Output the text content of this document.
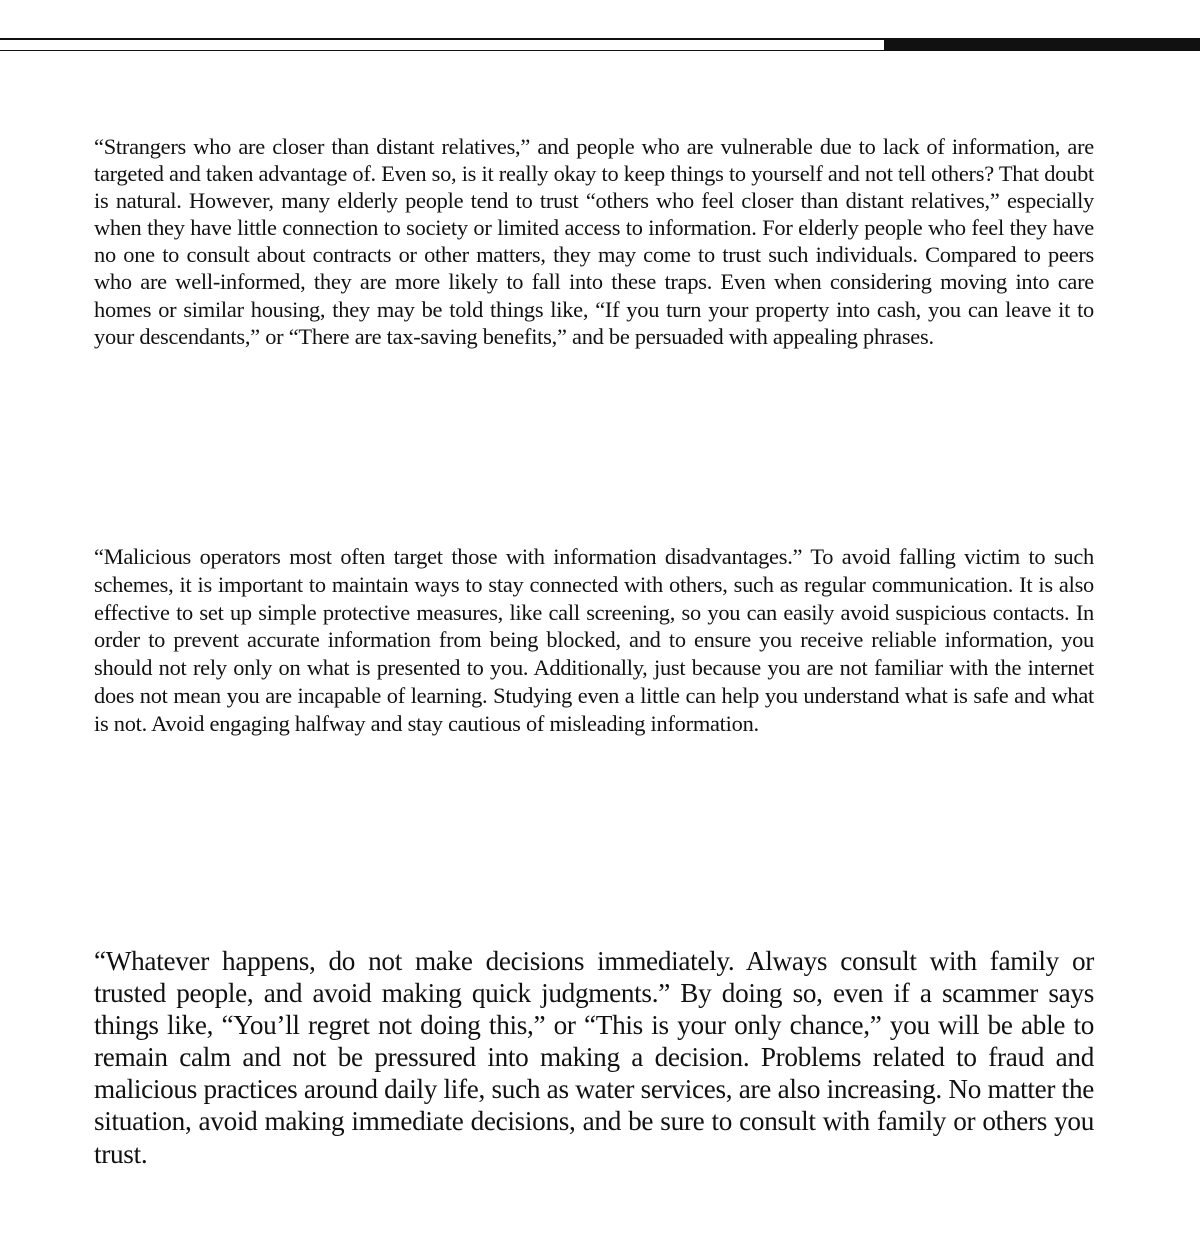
“Strangers who are closer than distant relatives,” and people who are vulnerable due to lack of information, are targeted and taken advantage of. Even so, is it really okay to keep things to yourself and not tell others? That doubt is natural. However, many elderly people tend to trust “others who feel closer than distant relatives,” especially when they have little connection to society or limited access to information. For elderly people who feel they have no one to consult about contracts or other matters, they may come to trust such individuals. Compared to peers who are well-informed, they are more likely to fall into these traps. Even when considering moving into care homes or similar housing, they may be told things like, “If you turn your property into cash, you can leave it to your descendants,” or “There are tax-saving benefits,” and be persuaded with appealing phrases.

“Malicious operators most often target those with information disadvantages.” To avoid falling victim to such schemes, it is important to maintain ways to stay connected with others, such as regular communication. It is also effective to set up simple protective measures, like call screening, so you can easily avoid suspicious contacts. In order to prevent accurate information from being blocked, and to ensure you receive reliable information, you should not rely only on what is presented to you. Additionally, just because you are not familiar with the internet does not mean you are incapable of learning. Studying even a little can help you understand what is safe and what is not. Avoid engaging halfway and stay cautious of misleading information.

“Whatever happens, do not make decisions immediately. Always consult with family or trusted people, and avoid making quick judgments.” By doing so, even if a scammer says things like, “You’ll regret not doing this,” or “This is your only chance,” you will be able to remain calm and not be pressured into making a decision. Problems related to fraud and malicious practices around daily life, such as water services, are also increasing. No matter the situation, avoid making immediate decisions, and be sure to consult with family or others you trust.
